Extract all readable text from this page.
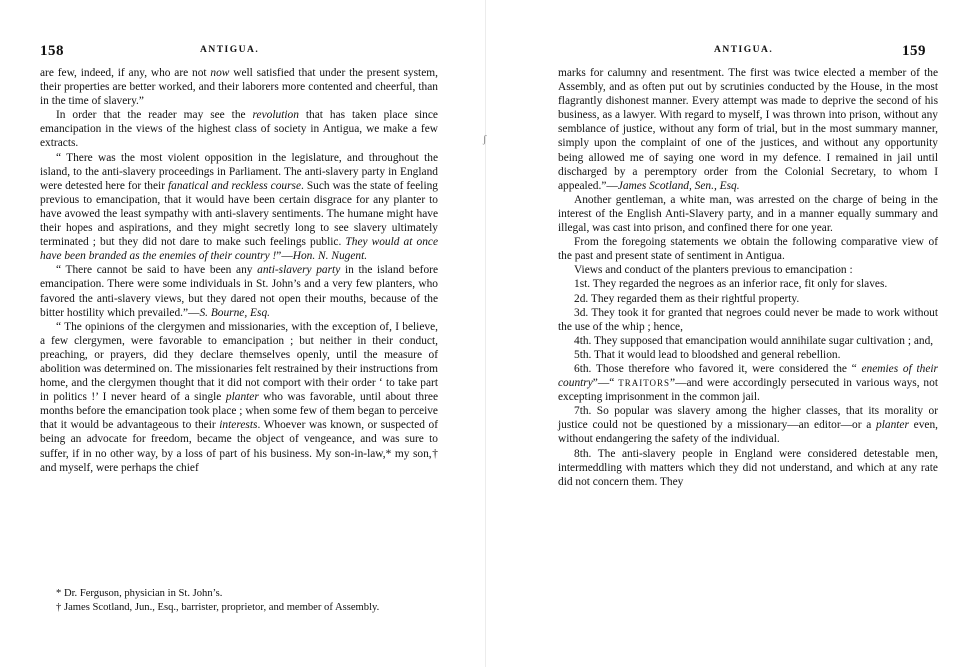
ʃ
158	ANTIGUA.

are few, indeed, if any, who are not now well satisfied that under the present system, their properties are better worked, and their laborers more contented and cheerful, than in the time of slavery.”

In order that the reader may see the revolution that has taken place since emancipation in the views of the highest class of society in Antigua, we make a few extracts.

“ There was the most violent opposition in the legislature, and throughout the island, to the anti-slavery proceedings in Parliament. The anti-slavery party in England were detested here for their fanatical and reckless course. Such was the state of feeling previous to emancipation, that it would have been certain disgrace for any planter to have avowed the least sympathy with anti-slavery sentiments. The humane might have their hopes and aspirations, and they might secretly long to see slavery ultimately terminated ; but they did not dare to make such feelings public. They would at once have been branded as the enemies of their country !”—Hon. N. Nugent.

“ There cannot be said to have been any anti-slavery party in the island before emancipation. There were some individuals in St. John’s and a very few planters, who favored the anti-slavery views, but they dared not open their mouths, because of the bitter hostility which prevailed.”—S. Bourne, Esq.

“ The opinions of the clergymen and missionaries, with the exception of, I believe, a few clergymen, were favorable to emancipation ; but neither in their conduct, preaching, or prayers, did they declare themselves openly, until the measure of abolition was determined on. The missionaries felt restrained by their instructions from home, and the clergymen thought that it did not comport with their order ‘ to take part in politics !’ I never heard of a single planter who was favorable, until about three months before the emancipation took place ; when some few of them began to perceive that it would be advantageous to their interests. Whoever was known, or suspected of being an advocate for freedom, became the object of vengeance, and was sure to suffer, if in no other way, by a loss of part of his business. My son-in-law,* my son,† and myself, were perhaps the chief

* Dr. Ferguson, physician in St. John’s.

† James Scotland, Jun., Esq., barrister, proprietor, and member of Assembly.

ANTIGUA.	159

marks for calumny and resentment. The first was twice elected a member of the Assembly, and as often put out by scrutinies conducted by the House, in the most flagrantly dishonest manner. Every attempt was made to deprive the second of his business, as a lawyer. With regard to myself, I was thrown into prison, without any semblance of justice, without any form of trial, but in the most summary manner, simply upon the complaint of one of the justices, and without any opportunity being allowed me of saying one word in my defence. I remained in jail until discharged by a peremptory order from the Colonial Secretary, to whom I appealed.”—James Scotland, Sen., Esq.

Another gentleman, a white man, was arrested on the charge of being in the interest of the English Anti-Slavery party, and in a manner equally summary and illegal, was cast into prison, and confined there for one year.

From the foregoing statements we obtain the following comparative view of the past and present state of sentiment in Antigua.

Views and conduct of the planters previous to emancipation :

1st. They regarded the negroes as an inferior race, fit only for slaves.

2d. They regarded them as their rightful property.

3d. They took it for granted that negroes could never be made to work without the use of the whip ; hence,

4th. They supposed that emancipation would annihilate sugar cultivation ; and,

5th. That it would lead to bloodshed and general rebellion.

6th. Those therefore who favored it, were considered the “ enemies of their country”—“ TRAITORS”—and were accordingly persecuted in various ways, not excepting imprisonment in the common jail.

7th. So popular was slavery among the higher classes, that its morality or justice could not be questioned by a missionary—an editor—or a planter even, without endangering the safety of the individual.

8th. The anti-slavery people in England were considered detestable men, intermeddling with matters which they did not understand, and which at any rate did not concern them. They
